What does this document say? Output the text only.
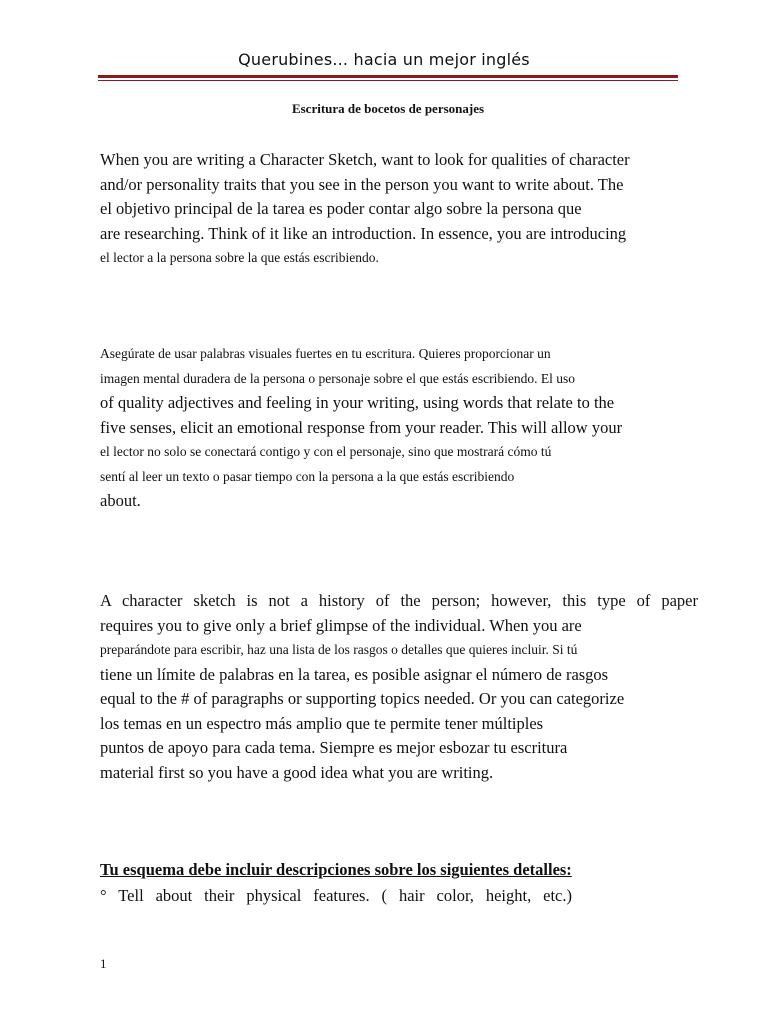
Querubines... hacia un mejor inglés
Escritura de bocetos de personajes
When you are writing a Character Sketch, want to look for qualities of character
and/or personality traits that you see in the person you want to write about. The
el objetivo principal de la tarea es poder contar algo sobre la persona que
are researching. Think of it like an introduction. In essence, you are introducing
el lector a la persona sobre la que estás escribiendo.
Asegúrate de usar palabras visuales fuertes en tu escritura. Quieres proporcionar un
imagen mental duradera de la persona o personaje sobre el que estás escribiendo. El uso
of quality adjectives and feeling in your writing, using words that relate to the
five senses, elicit an emotional response from your reader. This will allow your
el lector no solo se conectará contigo y con el personaje, sino que mostrará cómo tú
sentí al leer un texto o pasar tiempo con la persona a la que estás escribiendo
about.
A character sketch is not a history of the person; however, this type of paper
requires you to give only a brief glimpse of the individual. When you are
preparándote para escribir, haz una lista de los rasgos o detalles que quieres incluir. Si tú
tiene un límite de palabras en la tarea, es posible asignar el número de rasgos
equal to the # of paragraphs or supporting topics needed. Or you can categorize
los temas en un espectro más amplio que te permite tener múltiples
puntos de apoyo para cada tema. Siempre es mejor esbozar tu escritura
material first so you have a good idea what you are writing.
Tu esquema debe incluir descripciones sobre los siguientes detalles:
° Tell about their physical features. ( hair color, height, etc.)
1
